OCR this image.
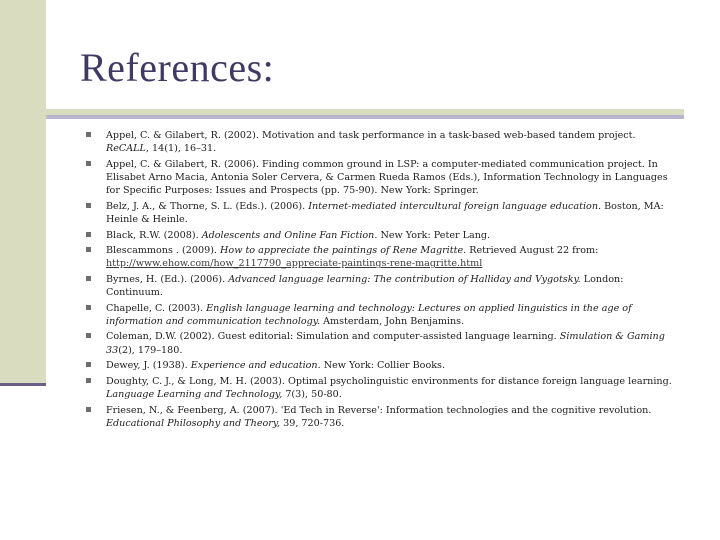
References:
Appel, C. & Gilabert, R. (2002). Motivation and task performance in a task-based web-based tandem project. ReCALL, 14(1), 16–31.
Appel, C. & Gilabert, R. (2006). Finding common ground in LSP: a computer-mediated communication project. In Elisabet Arno Macia, Antonia Soler Cervera, & Carmen Rueda Ramos (Eds.), Information Technology in Languages for Specific Purposes: Issues and Prospects (pp. 75-90). New York: Springer.
Belz, J. A., & Thorne, S. L. (Eds.). (2006). Internet-mediated intercultural foreign language education. Boston, MA: Heinle & Heinle.
Black, R.W. (2008). Adolescents and Online Fan Fiction. New York: Peter Lang.
Blescammons . (2009). How to appreciate the paintings of Rene Magritte. Retrieved August 22 from: http://www.ehow.com/how_2117790_appreciate-paintings-rene-magritte.html
Byrnes, H. (Ed.). (2006). Advanced language learning: The contribution of Halliday and Vygotsky. London: Continuum.
Chapelle, C. (2003). English language learning and technology: Lectures on applied linguistics in the age of information and communication technology. Amsterdam, John Benjamins.
Coleman, D.W. (2002). Guest editorial: Simulation and computer-assisted language learning. Simulation & Gaming 33(2), 179–180.
Dewey, J. (1938). Experience and education. New York: Collier Books.
Doughty, C. J., & Long, M. H. (2003). Optimal psycholinguistic environments for distance foreign language learning. Language Learning and Technology, 7(3), 50-80.
Friesen, N., & Feenberg, A. (2007). 'Ed Tech in Reverse': Information technologies and the cognitive revolution. Educational Philosophy and Theory, 39, 720-736.
